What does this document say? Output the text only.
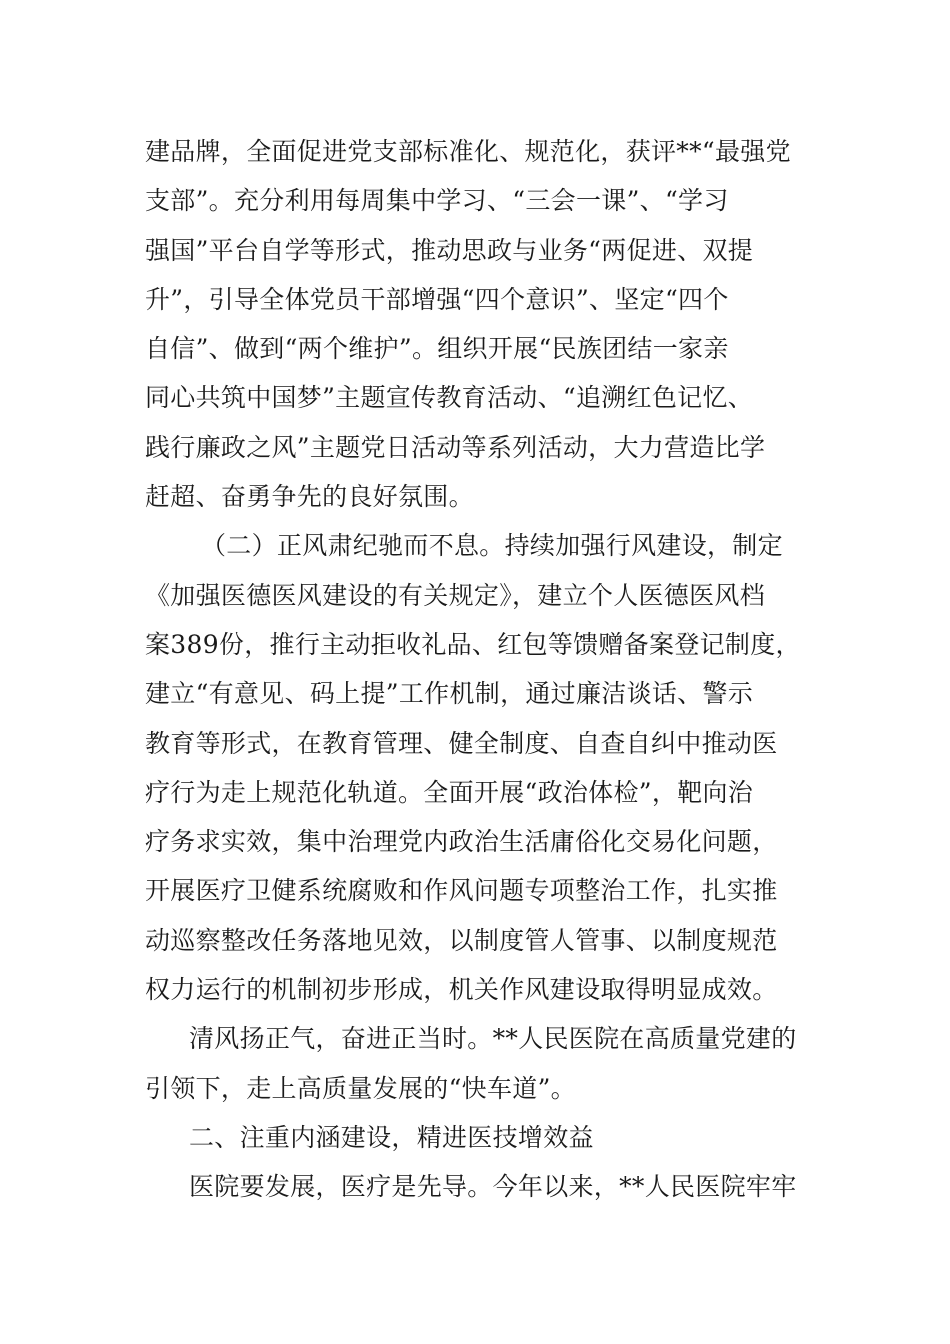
建品牌，全面促进党支部标准化、规范化，获评**“最强党
支部”。充分利用每周集中学习、“三会一课”、“学习
强国”平台自学等形式，推动思政与业务“两促进、双提
升”，引导全体党员干部增强“四个意识”、坚定“四个
自信”、做到“两个维护”。组织开展“民族团结一家亲
同心共筑中国梦”主题宣传教育活动、“追溯红色记忆、
践行廉政之风”主题党日活动等系列活动，大力营造比学
赶超、奋勇争先的良好氛围。
（二）正风肃纪驰而不息。持续加强行风建设，制定
《加强医德医风建设的有关规定》，建立个人医德医风档
案389份，推行主动拒收礼品、红包等馈赠备案登记制度，
建立“有意见、码上提”工作机制，通过廉洁谈话、警示
教育等形式，在教育管理、健全制度、自查自纠中推动医
疗行为走上规范化轨道。全面开展“政治体检”，靶向治
疗务求实效，集中治理党内政治生活庸俗化交易化问题，
开展医疗卫健系统腐败和作风问题专项整治工作，扎实推
动巡察整改任务落地见效，以制度管人管事、以制度规范
权力运行的机制初步形成，机关作风建设取得明显成效。
清风扬正气，奋进正当时。**人民医院在高质量党建的
引领下，走上高质量发展的“快车道”。
二、注重内涵建设，精进医技增效益
医院要发展，医疗是先导。今年以来，**人民医院牢牢
